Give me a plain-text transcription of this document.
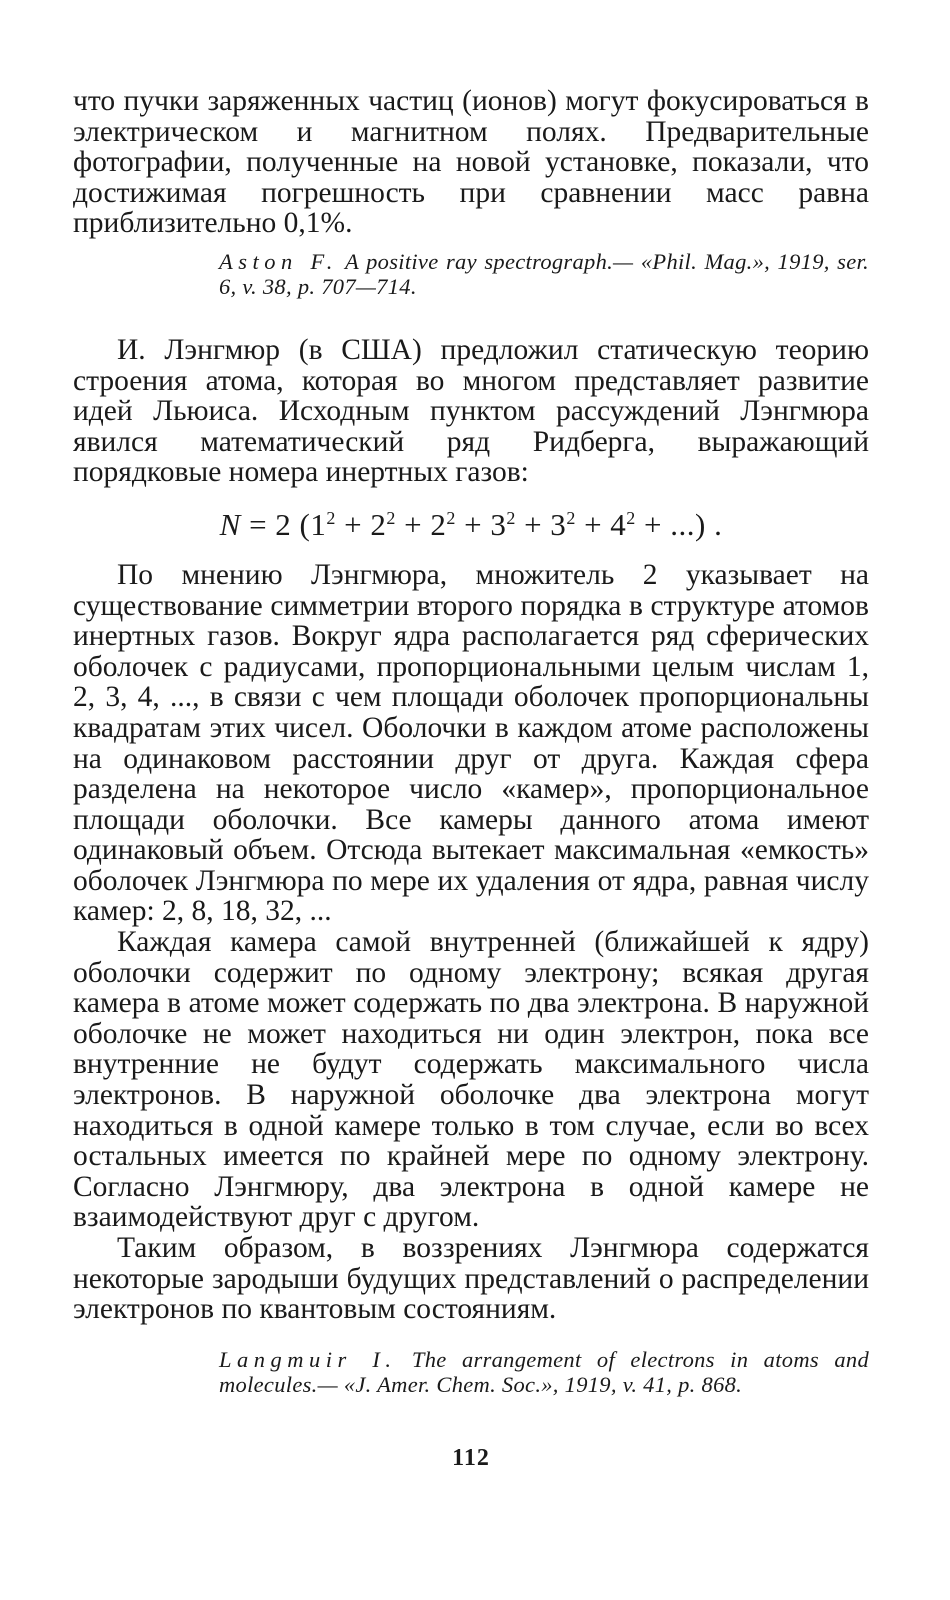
что пучки заряженных частиц (ионов) могут фокусироваться в электрическом и магнитном полях. Предварительные фотографии, полученные на новой установке, показали, что достижимая погрешность при сравнении масс равна приблизительно 0,1%.

Aston F. A positive ray spectrograph.— «Phil. Mag.», 1919, ser. 6, v. 38, p. 707—714.

И. Лэнгмюр (в США) предложил статическую теорию строения атома, которая во многом представляет развитие идей Льюиса. Исходным пунктом рассуждений Лэнгмюра явился математический ряд Ридберга, выражающий порядковые номера инертных газов:

N = 2 ($1^2 + 2^2 + 2^2 + 3^2 + 3^2 + 4^2$ + ...) .

По мнению Лэнгмюра, множитель 2 указывает на существование симметрии второго порядка в структуре атомов инертных газов. Вокруг ядра располагается ряд сферических оболочек с радиусами, пропорциональными целым числам 1, 2, 3, 4, ..., в связи с чем площади оболочек пропорциональны квадратам этих чисел. Оболочки в каждом атоме расположены на одинаковом расстоянии друг от друга. Каждая сфера разделена на некоторое число «камер», пропорциональное площади оболочки. Все камеры данного атома имеют одинаковый объем. Отсюда вытекает максимальная «емкость» оболочек Лэнгмюра по мере их удаления от ядра, равная числу камер: 2, 8, 18, 32, ...

Каждая камера самой внутренней (ближайшей к ядру) оболочки содержит по одному электрону; всякая другая камера в атоме может содержать по два электрона. В наружной оболочке не может находиться ни один электрон, пока все внутренние не будут содержать максимального числа электронов. В наружной оболочке два электрона могут находиться в одной камере только в том случае, если во всех остальных имеется по крайней мере по одному электрону. Согласно Лэнгмюру, два электрона в одной камере не взаимодействуют друг с другом.

Таким образом, в воззрениях Лэнгмюра содержатся некоторые зародыши будущих представлений о распределении электронов по квантовым состояниям.

Langmuir I. The arrangement of electrons in atoms and molecules.— «J. Amer. Chem. Soc.», 1919, v. 41, p. 868.

112
